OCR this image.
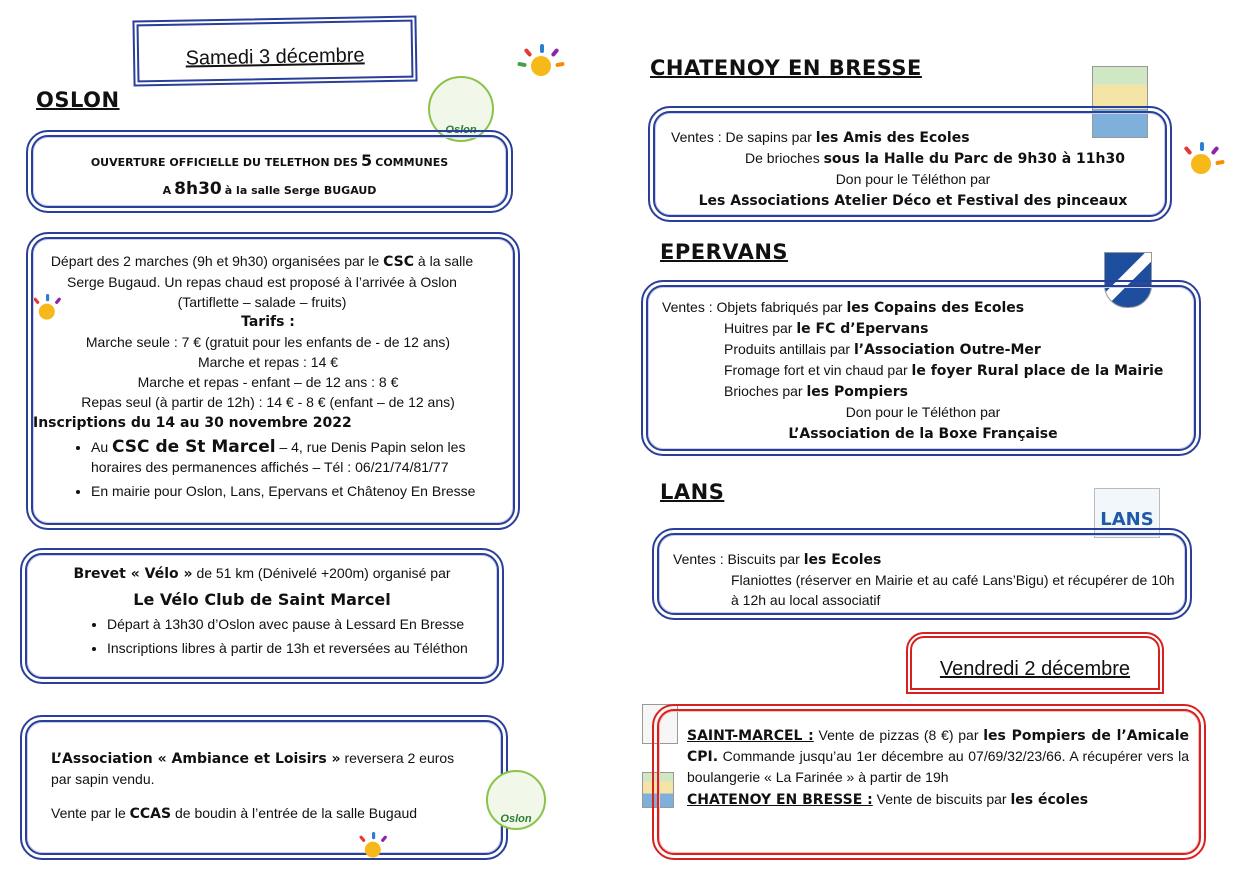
Samedi 3 décembre
OSLON
Oslon
OUVERTURE OFFICIELLE DU TELETHON DES 5 COMMUNES
A 8h30 à la salle Serge BUGAUD
Départ des 2 marches (9h et 9h30) organisées par le CSC à la salle Serge Bugaud. Un repas chaud est proposé à l’arrivée à Oslon (Tartiflette – salade – fruits)
Tarifs :
Marche seule : 7 € (gratuit pour les enfants de - de 12 ans)
Marche et repas : 14 €
Marche et repas - enfant – de 12 ans : 8 €
Repas seul (à partir de 12h) : 14 € - 8 € (enfant – de 12 ans)
Inscriptions du 14 au 30 novembre 2022
• Au CSC de St Marcel – 4, rue Denis Papin selon les horaires des permanences affichés – Tél : 06/21/74/81/77
• En mairie pour Oslon, Lans, Epervans et Châtenoy En Bresse
Brevet « Vélo » de 51 km (Dénivelé +200m) organisé par
Le Vélo Club de Saint Marcel
• Départ à 13h30 d’Oslon avec pause à Lessard En Bresse
• Inscriptions libres à partir de 13h et reversées au Téléthon
L’Association « Ambiance et Loisirs » reversera 2 euros par sapin vendu.
Vente par le CCAS de boudin à l’entrée de la salle Bugaud	Oslon
CHATENOY EN BRESSE
Ventes : De sapins par les Amis des Ecoles
De brioches sous la Halle du Parc de 9h30 à 11h30
Don pour le Téléthon par
Les Associations Atelier Déco et Festival des pinceaux
EPERVANS
Ventes : Objets fabriqués par les Copains des Ecoles
Huitres par le FC d’Epervans
Produits antillais par l’Association Outre-Mer
Fromage fort et vin chaud par le foyer Rural place de la Mairie
Brioches par les Pompiers
Don pour le Téléthon par
L’Association de la Boxe Française
LANS
LANS
Ventes : Biscuits par les Ecoles
Flaniottes (réserver en Mairie et au café Lans’Bigu) et récupérer de 10h à 12h au local associatif
Vendredi 2 décembre
SAINT-MARCEL : Vente de pizzas (8 €) par les Pompiers de l’Amicale CPI. Commande jusqu’au 1er décembre au 07/69/32/23/66. A récupérer vers la boulangerie « La Farinée » à partir de 19h
CHATENOY EN BRESSE : Vente de biscuits par les écoles
